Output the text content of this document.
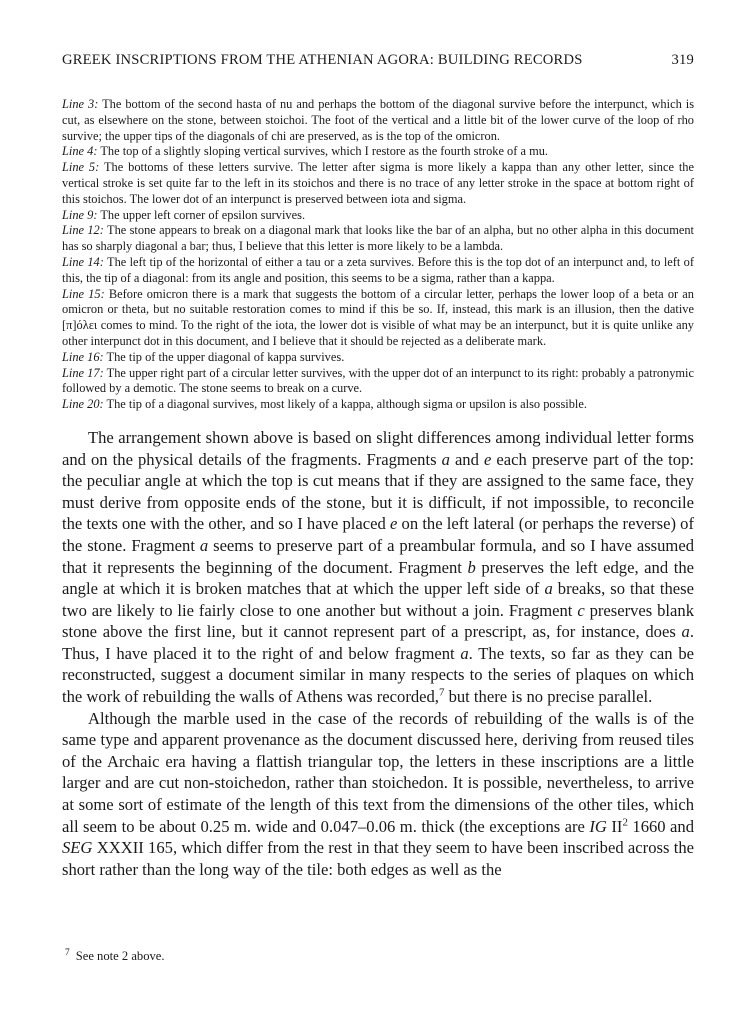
GREEK INSCRIPTIONS FROM THE ATHENIAN AGORA: BUILDING RECORDS	319

Line 3: The bottom of the second hasta of nu and perhaps the bottom of the diagonal survive before the interpunct, which is cut, as elsewhere on the stone, between stoichoi. The foot of the vertical and a little bit of the lower curve of the loop of rho survive; the upper tips of the diagonals of chi are preserved, as is the top of the omicron.

Line 4: The top of a slightly sloping vertical survives, which I restore as the fourth stroke of a mu.

Line 5: The bottoms of these letters survive. The letter after sigma is more likely a kappa than any other letter, since the vertical stroke is set quite far to the left in its stoichos and there is no trace of any letter stroke in the space at bottom right of this stoichos. The lower dot of an interpunct is preserved between iota and sigma.

Line 9: The upper left corner of epsilon survives.

Line 12: The stone appears to break on a diagonal mark that looks like the bar of an alpha, but no other alpha in this document has so sharply diagonal a bar; thus, I believe that this letter is more likely to be a lambda.

Line 14: The left tip of the horizontal of either a tau or a zeta survives. Before this is the top dot of an interpunct and, to left of this, the tip of a diagonal: from its angle and position, this seems to be a sigma, rather than a kappa.

Line 15: Before omicron there is a mark that suggests the bottom of a circular letter, perhaps the lower loop of a beta or an omicron or theta, but no suitable restoration comes to mind if this be so. If, instead, this mark is an illusion, then the dative [π]όλει comes to mind. To the right of the iota, the lower dot is visible of what may be an interpunct, but it is quite unlike any other interpunct dot in this document, and I believe that it should be rejected as a deliberate mark.

Line 16: The tip of the upper diagonal of kappa survives.

Line 17: The upper right part of a circular letter survives, with the upper dot of an interpunct to its right: probably a patronymic followed by a demotic. The stone seems to break on a curve.

Line 20: The tip of a diagonal survives, most likely of a kappa, although sigma or upsilon is also possible.

The arrangement shown above is based on slight differences among individual letter forms and on the physical details of the fragments. Fragments a and e each preserve part of the top: the peculiar angle at which the top is cut means that if they are assigned to the same face, they must derive from opposite ends of the stone, but it is difficult, if not impossible, to reconcile the texts one with the other, and so I have placed e on the left lateral (or perhaps the reverse) of the stone. Fragment a seems to preserve part of a preambular formula, and so I have assumed that it represents the beginning of the document. Fragment b preserves the left edge, and the angle at which it is broken matches that at which the upper left side of a breaks, so that these two are likely to lie fairly close to one another but without a join. Fragment c preserves blank stone above the first line, but it cannot represent part of a prescript, as, for instance, does a. Thus, I have placed it to the right of and below fragment a. The texts, so far as they can be reconstructed, suggest a document similar in many respects to the series of plaques on which the work of rebuilding the walls of Athens was recorded,$^7$ but there is no precise parallel.

Although the marble used in the case of the records of rebuilding of the walls is of the same type and apparent provenance as the document discussed here, deriving from reused tiles of the Archaic era having a flattish triangular top, the letters in these inscriptions are a little larger and are cut non-stoichedon, rather than stoichedon. It is possible, nevertheless, to arrive at some sort of estimate of the length of this text from the dimensions of the other tiles, which all seem to be about 0.25 m. wide and 0.047–0.06 m. thick (the exceptions are IG $II^2$ 1660 and SEG XXXII 165, which differ from the rest in that they seem to have been inscribed across the short rather than the long way of the tile: both edges as well as the

$^7$ See note 2 above.
